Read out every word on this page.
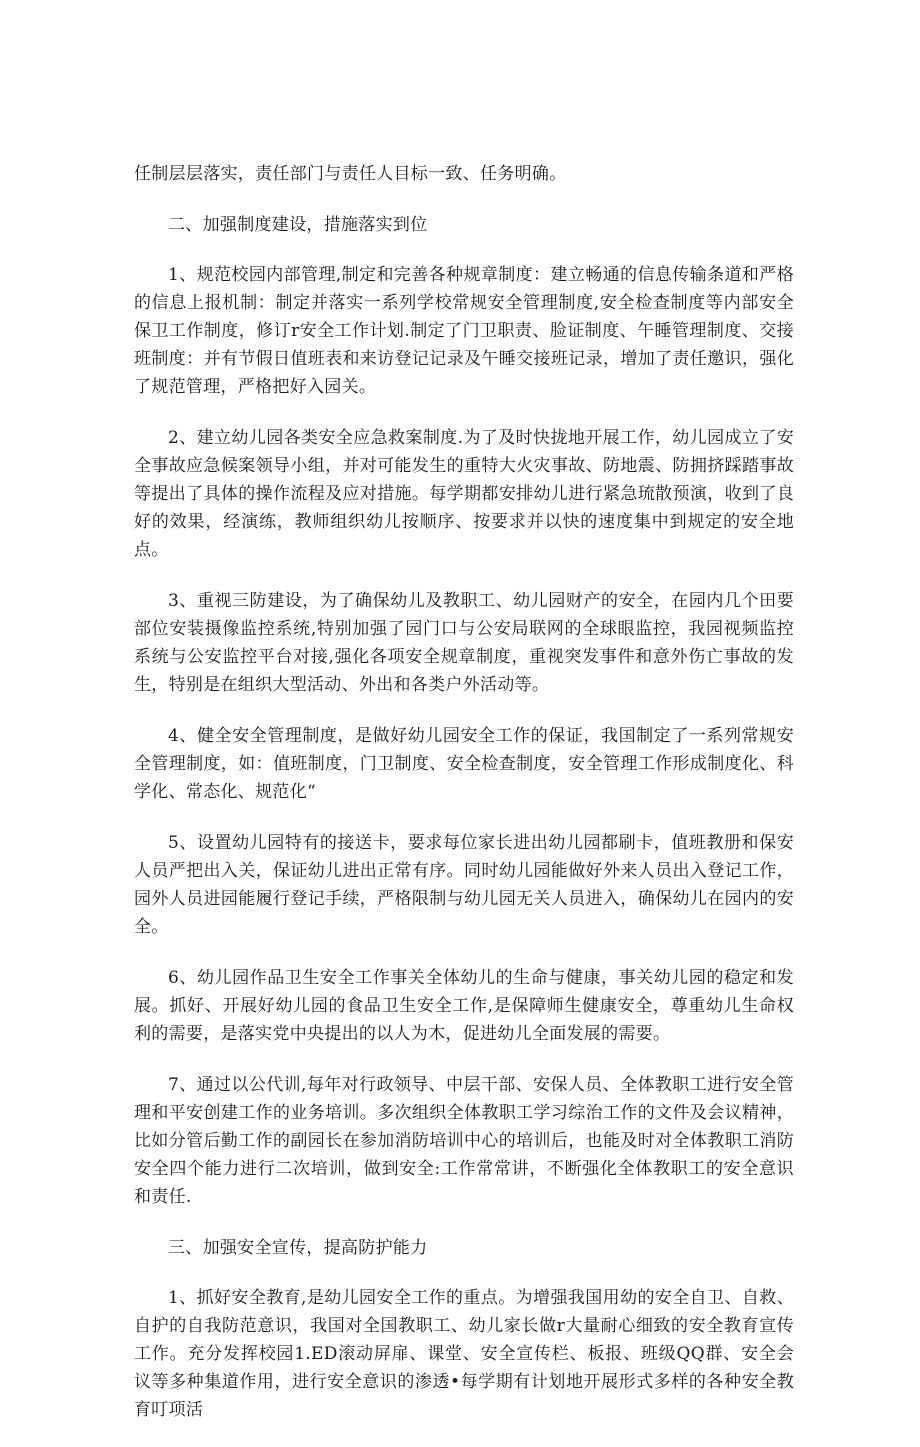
任制层层落实，责任部门与责任人目标一致、任务明确。

二、加强制度建设，措施落实到位

1、规范校园内部管理,制定和完善各种规章制度：建立畅通的信息传输条道和严格的信息上报机制：制定并落实一系列学校常规安全管理制度,安全检查制度等内部安全保卫工作制度，修订r安全工作计划.制定了门卫职责、脸证制度、午睡管理制度、交接班制度：并有节假日值班表和来访登记记录及午睡交接班记录，增加了责任邀识，强化了规范管理，严格把好入园关。

2、建立幼儿园各类安全应急救案制度.为了及时快拢地开展工作，幼儿园成立了安全事故应急候案领导小组，并对可能发生的重特大火灾事故、防地震、防拥挤踩踏事故等提出了具体的操作流程及应对措施。每学期都安排幼儿进行紧急琉散预演，收到了良好的效果，经演练，教师组织幼儿按顺序、按要求并以快的速度集中到规定的安全地点。

3、重视三防建设，为了确保幼儿及教职工、幼儿园财产的安全，在园内几个田要部位安装摄像监控系统,特别加强了园门口与公安局联网的全球眼监控，我园视频监控系统与公安监控平台对接,强化各项安全规章制度，重视突发事件和意外伤亡事故的发生，特别是在组织大型活动、外出和各类户外活动等。

4、健全安全管理制度，是做好幼儿园安全工作的保证，我国制定了一系列常规安全管理制度，如：值班制度，门卫制度、安全检查制度，安全管理工作形成制度化、科学化、常态化、规范化“

5、设置幼儿园特有的接送卡，要求每位家长进出幼儿园都刷卡，值班教册和保安人员严把出入关，保证幼儿进出正常有序。同时幼儿园能做好外来人员出入登记工作，园外人员进园能履行登记手续，严格限制与幼儿园无关人员进入，确保幼儿在园内的安全。

6、幼儿园作品卫生安全工作事关全体幼儿的生命与健康，事关幼儿园的稳定和发展。抓好、开展好幼儿园的食品卫生安全工作,是保障师生健康安全，尊重幼儿生命权利的需要，是落实党中央提出的以人为木，促进幼儿全面发展的需要。

7、通过以公代训,每年对行政领导、中层干部、安保人员、全体教职工进行安全管理和平安创建工作的业务培训。多次组织全体教职工学习综治工作的文件及会议精神，比如分管后勤工作的副园长在参加消防培训中心的培训后，也能及时对全体教职工消防安全四个能力进行二次培训，做到安全:工作常常讲，不断强化全体教职工的安全意识和责任.

三、加强安全宣传，提高防护能力

1、抓好安全教育,是幼儿园安全工作的重点。为增强我国用幼的安全自卫、自救、自护的自我防范意识，我国对全国教职工、幼儿家长做r大量耐心细致的安全教育宣传工作。充分发挥校园1.ED滚动屏扉、课堂、安全宣传栏、板报、班级QQ群、安全会议等多种集道作用，进行安全意识的渗透•每学期有计划地开展形式多样的各种安全教育叮项活
